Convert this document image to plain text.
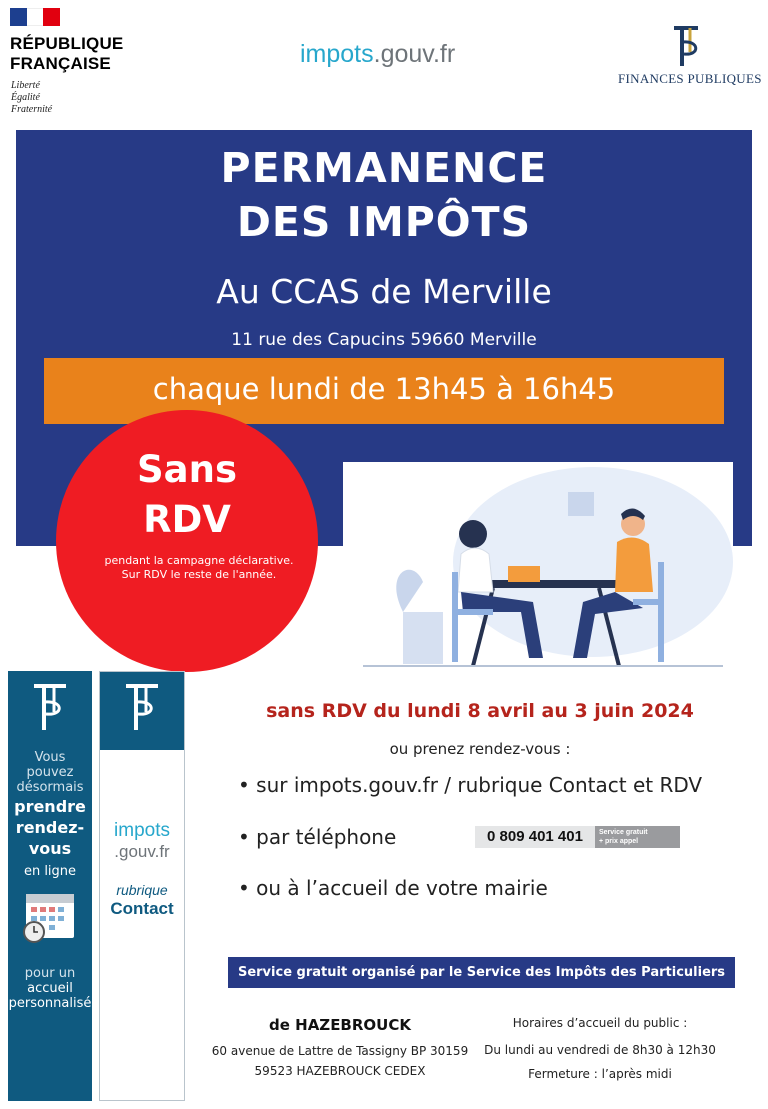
RÉPUBLIQUE
FRANÇAISE
Liberté
Égalité
Fraternité
impots.gouv.fr
FINANCES PUBLIQUES
PERMANENCE
DES IMPÔTS
Au CCAS de Merville
11 rue des Capucins 59660 Merville
chaque lundi de 13h45 à 16h45
Sans
RDV
pendant la campagne déclarative. Sur RDV le reste de l'année.
Vous
pouvez
désormais
prendre
rendez-
vous
en ligne
pour un
accueil
personnalisé
impots
.gouv.fr
rubrique
Contact
sans RDV du lundi 8 avril au 3 juin 2024
ou prenez rendez-vous :
• sur impots.gouv.fr / rubrique Contact et RDV
• par téléphone	0 809 401 401	Service gratuit
+ prix appel
• ou à l’accueil de votre mairie
Service gratuit organisé par le Service des Impôts des Particuliers
de HAZEBROUCK
60 avenue de Lattre de Tassigny BP 30159
59523 HAZEBROUCK CEDEX
Horaires d’accueil du public :
Du lundi au vendredi de 8h30 à 12h30
Fermeture : l’après midi
